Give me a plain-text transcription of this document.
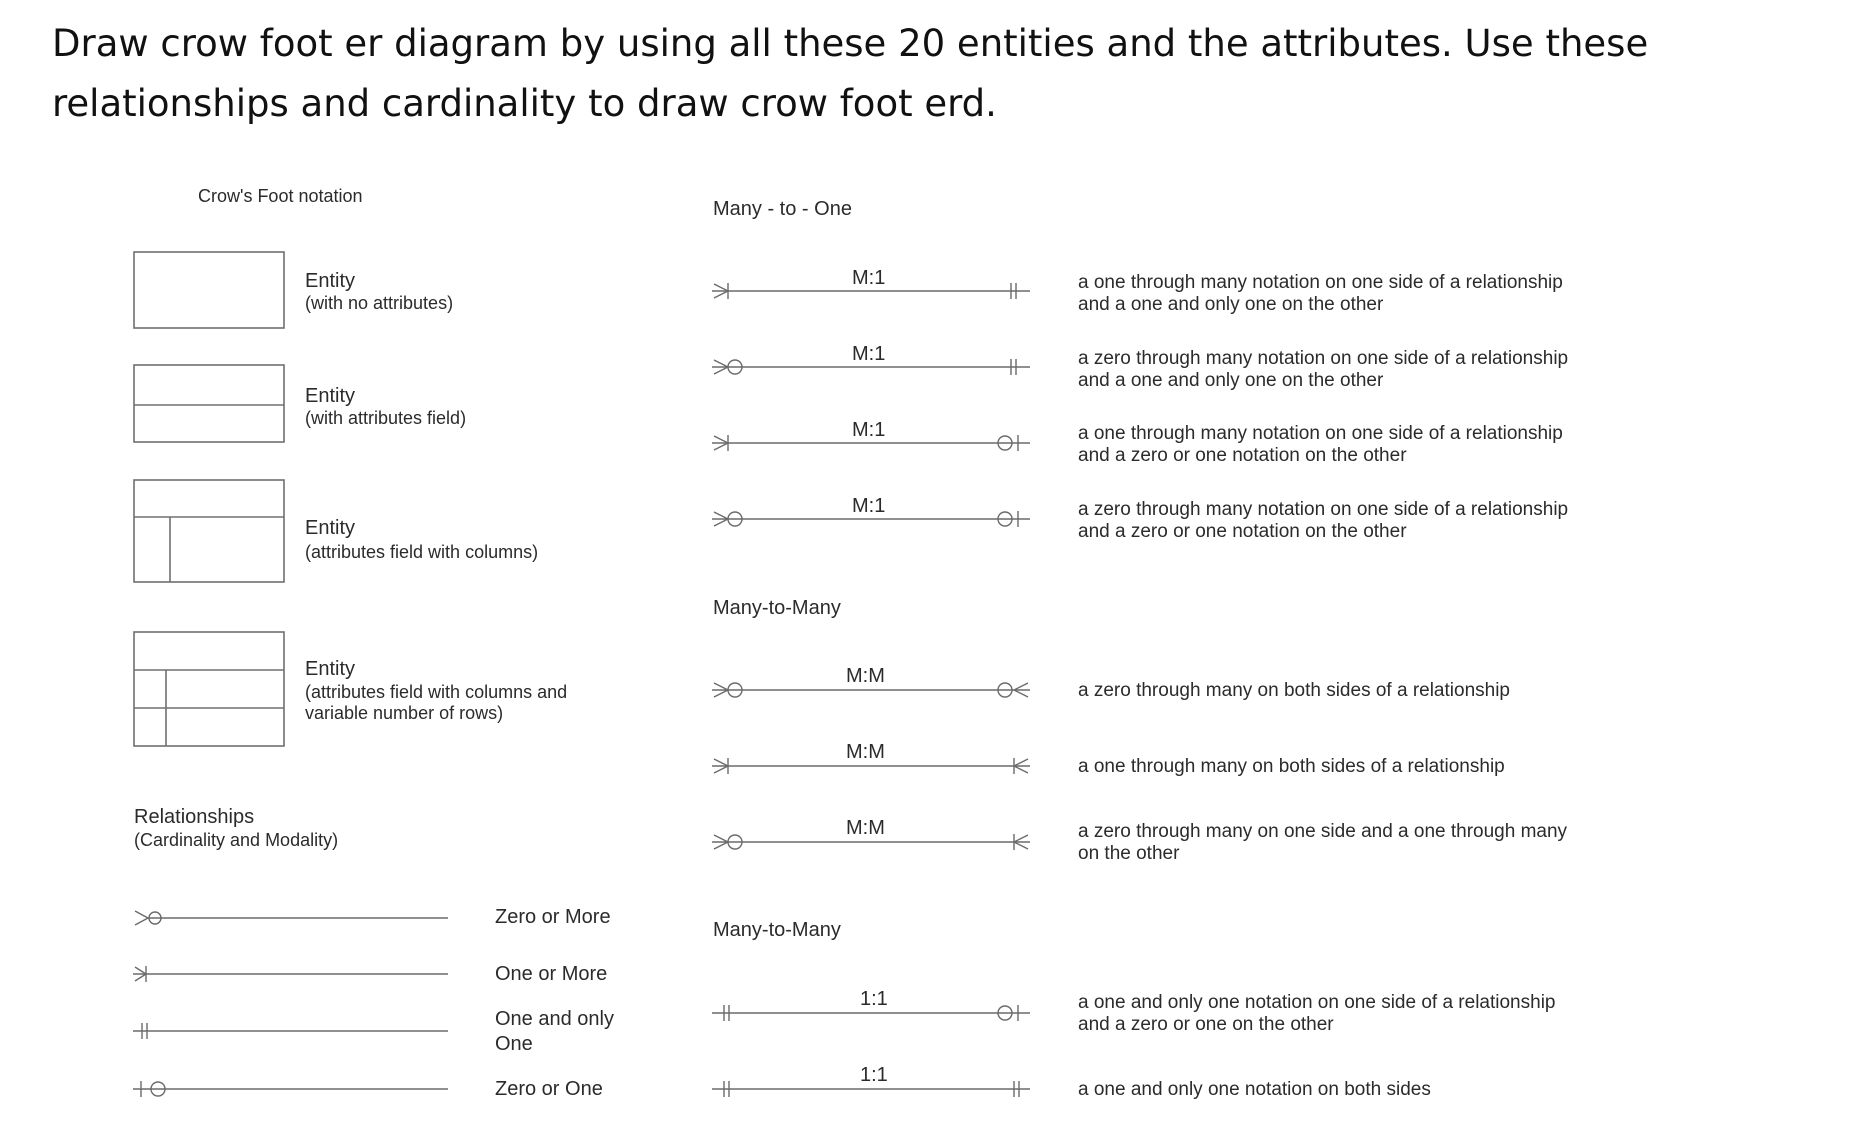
Draw crow foot er diagram by using all these 20 entities and the attributes. Use these relationships and cardinality to draw crow foot erd.
Crow's Foot notation
Entity
(with no attributes)
Entity
(with attributes field)
Entity
(attributes field with columns)
Entity
(attributes field with columns and
variable number of rows)
Relationships
(Cardinality and Modality)
Zero or More
One or More
One and only
One
Zero or One
Many - to - One
Many-to-Many
Many-to-Many
M:1
M:1
M:1
M:1
M:M
M:M
M:M
1:1
1:1
a one through many notation on one side of a relationship
and a one and only one on the other
a zero through many notation on one side of a relationship
and a one and only one on the other
a one through many notation on one side of a relationship
and a zero or one notation on the other
a zero through many notation on one side of a relationship
and a zero or one notation on the other
a zero through many on both sides of a relationship
a one through many on both sides of a relationship
a zero through many on one side and a one through many
on the other
a one and only one notation on one side of a relationship
and a zero or one on the other
a one and only one notation on both sides
